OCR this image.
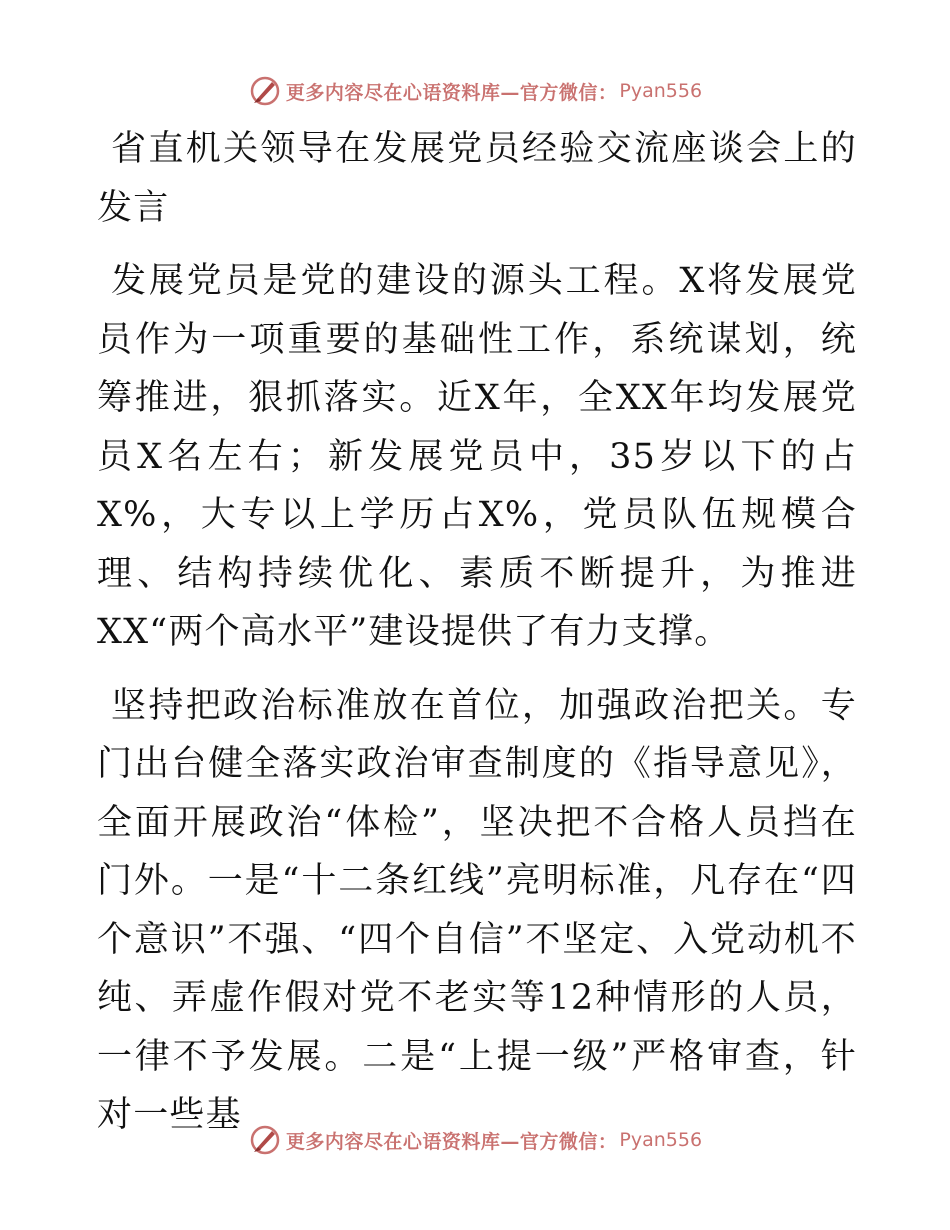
更多内容尽在心语资料库—官方微信： Pyan556

省直机关领导在发展党员经验交流座谈会上的发言

发展党员是党的建设的源头工程。X将发展党员作为一项重要的基础性工作，系统谋划，统筹推进，狠抓落实。近X年，全XX年均发展党员X名左右；新发展党员中，35岁以下的占X%，大专以上学历占X%，党员队伍规模合理、结构持续优化、素质不断提升，为推进XX“两个高水平”建设提供了有力支撑。

坚持把政治标准放在首位，加强政治把关。专门出台健全落实政治审查制度的《指导意见》，全面开展政治“体检”，坚决把不合格人员挡在门外。一是“十二条红线”亮明标准，凡存在“四个意识”不强、“四个自信”不坚定、入党动机不纯、弄虚作假对党不老实等12种情形的人员，一律不予发展。二是“上提一级”严格审查，针对一些基

更多内容尽在心语资料库—官方微信： Pyan556
